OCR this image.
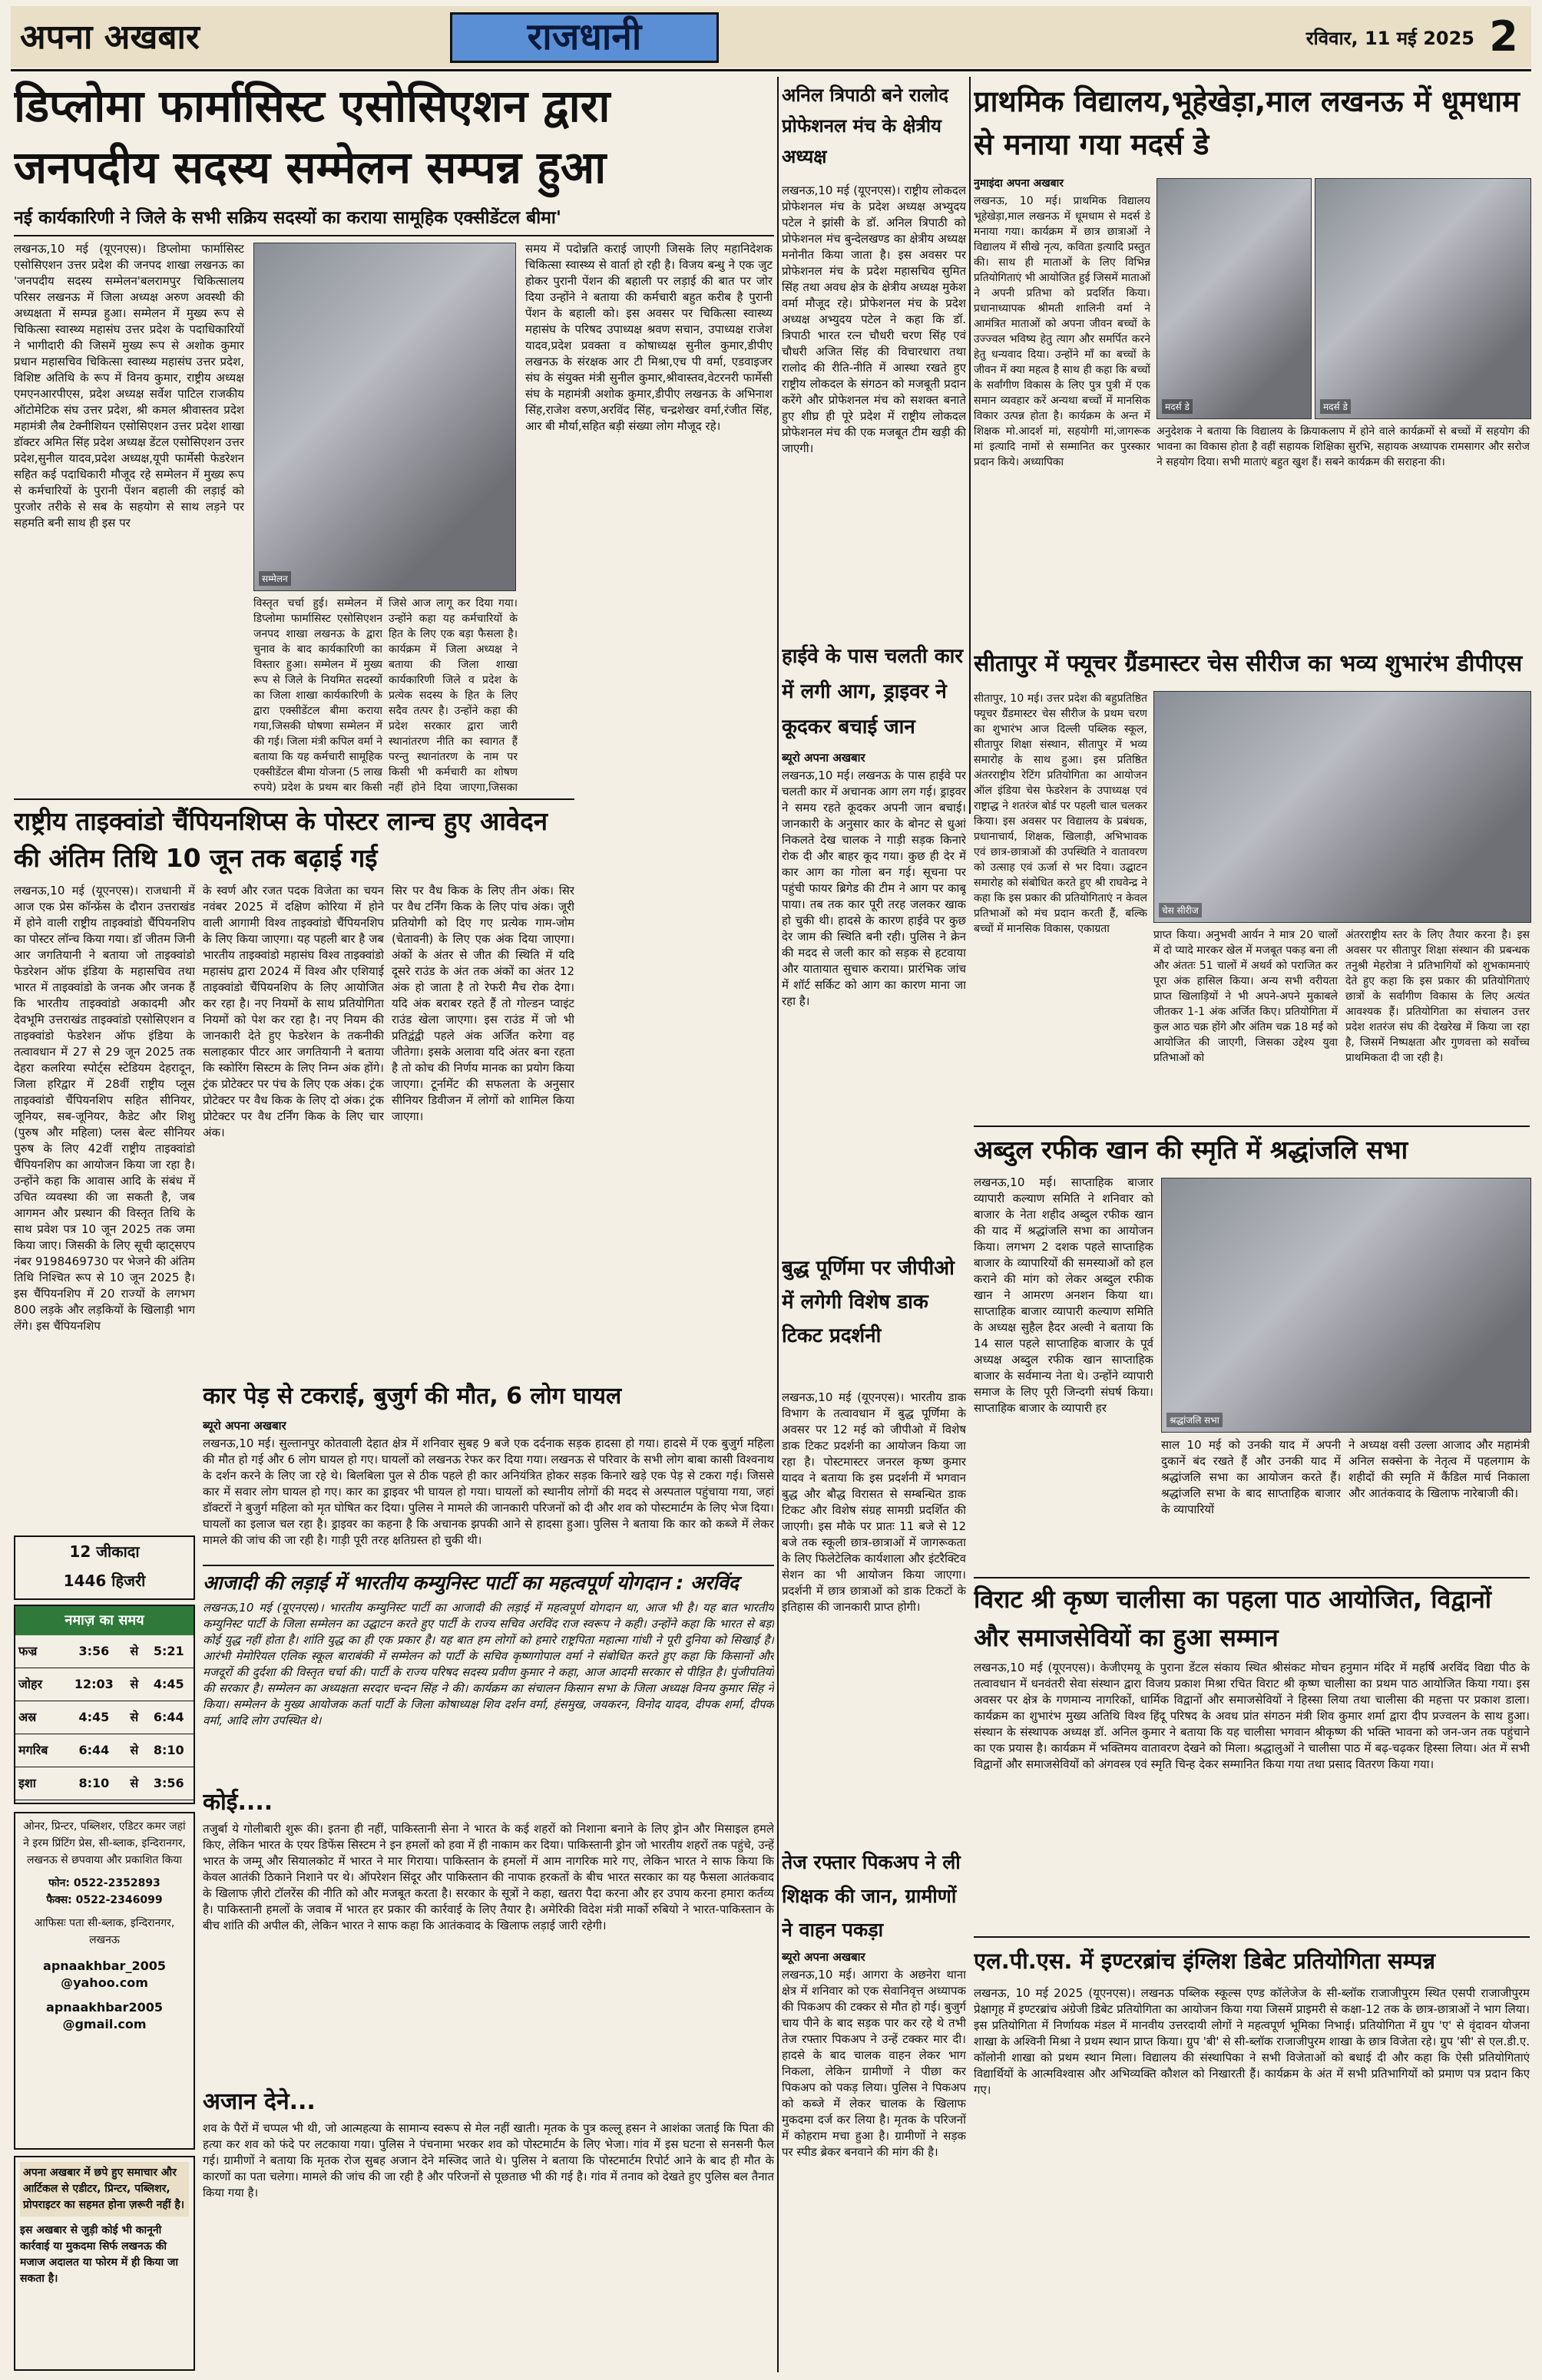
अपना अखबार	राजधानी	रविवार, 11 मई 2025 2
डिप्लोमा फार्मासिस्ट एसोसिएशन द्वारा
जनपदीय सदस्य सम्मेलन सम्पन्न हुआ
नई कार्यकारिणी ने जिले के सभी सक्रिय सदस्यों का कराया सामूहिक एक्सीडेंटल बीमा'
लखनऊ,10 मई (यूएनएस)। डिप्लोमा फार्मासिस्ट एसोसिएशन उत्तर प्रदेश की जनपद शाखा लखनऊ का 'जनपदीय सदस्य सम्मेलन'बलरामपुर चिकित्सालय परिसर लखनऊ में जिला अध्यक्ष अरुण अवस्थी की अध्यक्षता में सम्पन्न हुआ। सम्मेलन में मुख्य रूप से चिकित्सा स्वास्थ्य महासंघ उत्तर प्रदेश के पदाधिकारियों ने भागीदारी की जिसमें मुख्य रूप से अशोक कुमार प्रधान महासचिव चिकित्सा स्वास्थ्य महासंघ उत्तर प्रदेश, विशिष्ट अतिथि के रूप में विनय कुमार, राष्ट्रीय अध्यक्ष एमएनआरपीएस, प्रदेश अध्यक्ष सर्वेश पाटिल राजकीय ऑटोमेटिक संघ उत्तर प्रदेश, श्री कमल श्रीवास्तव प्रदेश महामंत्री लैब टेक्नीशियन एसोसिएशन उत्तर प्रदेश शाखा डॉक्टर अमित सिंह प्रदेश अध्यक्ष डेंटल एसोसिएशन उत्तर प्रदेश,सुनील यादव,प्रदेश अध्यक्ष,यूपी फार्मेसी फेडरेशन सहित कई पदाधिकारी मौजूद रहे सम्मेलन में मुख्य रूप से कर्मचारियों के पुरानी पेंशन बहाली की लड़ाई को पुरजोर तरीके से सब के सहयोग से साथ लड़ने पर सहमति बनी साथ ही इस पर
सम्मेलन
समय में पदोन्नति कराई जाएगी जिसके लिए महानिदेशक चिकित्सा स्वास्थ्य से वार्ता हो रही है। विजय बन्धु ने एक जुट होकर पुरानी पेंशन की बहाली पर लड़ाई की बात पर जोर दिया उन्होंने ने बताया की कर्मचारी बहुत करीब है पुरानी पेंशन के बहाली को। इस अवसर पर चिकित्सा स्वास्थ्य महासंघ के परिषद उपाध्यक्ष श्रवण सचान, उपाध्यक्ष राजेश यादव,प्रदेश प्रवक्ता व कोषाध्यक्ष सुनील कुमार,डीपीए लखनऊ के संरक्षक आर टी मिश्रा,एच पी वर्मा, एडवाइजर संघ के संयुक्त मंत्री सुनील कुमार,श्रीवास्तव,वेटरनरी फार्मेसी संघ के महामंत्री अशोक कुमार,डीपीए लखनऊ के अभिनाश सिंह,राजेश वरुण,अरविंद सिंह, चन्द्रशेखर वर्मा,रंजीत सिंह, आर बी मौर्या,सहित बड़ी संख्या लोग मौजूद रहे।
विस्तृत चर्चा हुई। सम्मेलन में डिप्लोमा फार्मासिस्ट एसोसिएशन जनपद शाखा लखनऊ के द्वारा चुनाव के बाद कार्यकारिणी का विस्तार हुआ। सम्मेलन में मुख्य रूप से जिले के नियमित सदस्यों का जिला शाखा कार्यकारिणी के द्वारा एक्सीडेंटल बीमा कराया गया,जिसकी घोषणा सम्मेलन में की गई। जिला मंत्री कपिल वर्मा ने बताया कि यह कर्मचारी सामूहिक एक्सीडेंटल बीमा योजना (5 लाख रुपये) प्रदेश के प्रथम बार किसी
जिसे आज लागू कर दिया गया।उन्होंने कहा यह कर्मचारियों के हित के लिए एक बड़ा फैसला है। कार्यक्रम में जिला अध्यक्ष ने बताया की जिला शाखा कार्यकारिणी जिले व प्रदेश के प्रत्येक सदस्य के हित के लिए सदैव तत्पर है। उन्होंने कहा की प्रदेश सरकार द्वारा जारी स्थानांतरण नीति का स्वागत हैं परन्तु स्थानांतरण के नाम पर किसी भी कर्मचारी का शोषण नहीं होने दिया जाएगा,जिसका
राष्ट्रीय ताइक्वांडो चैंपियनशिप्स के पोस्टर लान्च हुए आवेदन की अंतिम तिथि 10 जून तक बढ़ाई गई
लखनऊ,10 मई (यूएनएस)। राजधानी में आज एक प्रेस कॉन्फ्रेंस के दौरान उत्तराखंड में होने वाली राष्ट्रीय ताइक्वांडो चैंपियनशिप का पोस्टर लॉन्च किया गया। डॉ जीतम जिनी आर जगतियानी ने बताया जो ताइक्वांडो फेडरेशन ऑफ इंडिया के महासचिव तथा भारत में ताइक्वांडो के जनक और जनक हैं कि भारतीय ताइक्वांडो अकादमी और देवभूमि उत्तराखंड ताइक्वांडो एसोसिएशन व ताइक्वांडो फेडरेशन ऑफ इंडिया के तत्वावधान में 27 से 29 जून 2025 तक देहरा कलरिया स्पोर्ट्स स्टेडियम देहरादून, जिला हरिद्वार में 28वीं राष्ट्रीय प्लूस ताइक्वांडो चैंपियनशिप सहित सीनियर, जूनियर, सब-जूनियर, कैडेट और शिशु (पुरुष और महिला) प्लस बेल्ट सीनियर पुरुष के लिए 42वीं राष्ट्रीय ताइक्वांडो चैंपियनशिप का आयोजन किया जा रहा है। उन्होंने कहा कि आवास आदि के संबंध में उचित व्यवस्था की जा सकती है, जब आगमन और प्रस्थान की विस्तृत तिथि के साथ प्रवेश पत्र 10 जून 2025 तक जमा किया जाए। जिसकी के लिए सूची व्हाट्सएप नंबर 9198469730 पर भेजने की अंतिम तिथि निश्चित रूप से 10 जून 2025 है। इस चैंपियनशिप में 20 राज्यों के लगभग 800 लड़के और लड़कियों के खिलाड़ी भाग लेंगे। इस चैंपियनशिप
के स्वर्ण और रजत पदक विजेता का चयन नवंबर 2025 में दक्षिण कोरिया में होने वाली आगामी विश्व ताइक्वांडो चैंपियनशिप के लिए किया जाएगा। यह पहली बार है जब भारतीय ताइक्वांडो महासंघ विश्व ताइक्वांडो महासंघ द्वारा 2024 में विश्व और एशियाई ताइक्वांडो चैंपियनशिप के लिए आयोजित कर रहा है। नए नियमों के साथ प्रतियोगिता नियमों को पेश कर रहा है। नए नियम की जानकारी देते हुए फेडरेशन के तकनीकी सलाहकार पीटर आर जगतियानी ने बताया कि स्कोरिंग सिस्टम के लिए निम्न अंक होंगे। ट्रंक प्रोटेक्टर पर पंच के लिए एक अंक। ट्रंक प्रोटेक्टर पर वैध किक के लिए दो अंक। ट्रंक प्रोटेक्टर पर वैध टर्निंग किक के लिए चार अंक।
सिर पर वैध किक के लिए तीन अंक। सिर पर वैध टर्निंग किक के लिए पांच अंक। जूरी प्रतियोगी को दिए गए प्रत्येक गाम-जोम (चेतावनी) के लिए एक अंक दिया जाएगा। अंकों के अंतर से जीत की स्थिति में यदि दूसरे राउंड के अंत तक अंकों का अंतर 12 अंक हो जाता है तो रेफरी मैच रोक देगा। यदि अंक बराबर रहते हैं तो गोल्डन प्वाइंट राउंड खेला जाएगा। इस राउंड में जो भी प्रतिद्वंद्वी पहले अंक अर्जित करेगा वह जीतेगा। इसके अलावा यदि अंतर बना रहता है तो कोच की निर्णय मानक का प्रयोग किया जाएगा। टूर्नामेंट की सफलता के अनुसार सीनियर डिवीजन में लोगों को शामिल किया जाएगा।
कार पेड़ से टकराई, बुजुर्ग की मौत, 6 लोग घायल
ब्यूरो अपना अखबार
लखनऊ,10 मई। सुल्तानपुर कोतवाली देहात क्षेत्र में शनिवार सुबह 9 बजे एक दर्दनाक सड़क हादसा हो गया। हादसे में एक बुजुर्ग महिला की मौत हो गई और 6 लोग घायल हो गए। घायलों को लखनऊ रेफर कर दिया गया। लखनऊ से परिवार के सभी लोग बाबा कासी विश्वनाथ के दर्शन करने के लिए जा रहे थे। बिलबिला पुल से ठीक पहले ही कार अनियंत्रित होकर सड़क किनारे खड़े एक पेड़ से टकरा गई। जिससे कार में सवार लोग घायल हो गए। कार का ड्राइवर भी घायल हो गया। घायलों को स्थानीय लोगों की मदद से अस्पताल पहुंचाया गया, जहां डॉक्टरों ने बुजुर्ग महिला को मृत घोषित कर दिया। पुलिस ने मामले की जानकारी परिजनों को दी और शव को पोस्टमार्टम के लिए भेज दिया। घायलों का इलाज चल रहा है। ड्राइवर का कहना है कि अचानक झपकी आने से हादसा हुआ। पुलिस ने बताया कि कार को कब्जे में लेकर मामले की जांच की जा रही है। गाड़ी पूरी तरह क्षतिग्रस्त हो चुकी थी।
12 जीकादा
1446 हिजरी
नमाज़ का समय
फज्र	3:56	से	5:21
जोहर	12:03	से	4:45
अस्र	4:45	से	6:44
मगरिब	6:44	से	8:10
इशा	8:10	से	3:56
ओनर, प्रिन्टर, पब्लिशर, एडिटर कमर जहां ने इरम प्रिंटिंग प्रेस, सी-ब्लाक, इन्दिरानगर, लखनऊ से छपवाया और प्रकाशित किया
फोन: 0522-2352893
फैक्स: 0522-2346099
आफिसः पता सी-ब्लाक, इन्दिरानगर, लखनऊ
apnaakhbar_2005 @yahoo.com
apnaakhbar2005 @gmail.com
अपना अखबार में छपे हुए समाचार और आर्टिकल से एडीटर, प्रिन्टर, पब्लिशर, प्रोपराइटर का सहमत होना ज़रूरी नहीं है।
इस अखबार से जुड़ी कोई भी कानूनी कार्रवाई या मुकदमा सिर्फ लखनऊ की मजाज अदालत या फोरम में ही किया जा सकता है।
आजादी की लड़ाई में भारतीय कम्युनिस्ट पार्टी का महत्वपूर्ण योगदान : अरविंद
लखनऊ,10 मई (यूएनएस)। भारतीय कम्युनिस्ट पार्टी का आजादी की लड़ाई में महत्वपूर्ण योगदान था, आज भी है। यह बात भारतीय कम्युनिस्ट पार्टी के जिला सम्मेलन का उद्घाटन करते हुए पार्टी के राज्य सचिव अरविंद राज स्वरूप ने कही। उन्होंने कहा कि भारत से बड़ा कोई युद्ध नहीं होता है। शांति युद्ध का ही एक प्रकार है। यह बात हम लोगों को हमारे राष्ट्रपिता महात्मा गांधी ने पूरी दुनिया को सिखाई है। आरंभी मेमोरियल एलिक स्कूल बाराबंकी में सम्मेलन को पार्टी के सचिव कृष्णगोपाल वर्मा ने संबोधित करते हुए कहा कि किसानों और मजदूरों की दुर्दशा की विस्तृत चर्चा की। पार्टी के राज्य परिषद सदस्य प्रवीण कुमार ने कहा, आज आदमी सरकार से पीड़ित है। पुंजीपतियों की सरकार है। सम्मेलन का अध्यक्षता सरदार चन्दन सिंह ने की। कार्यक्रम का संचालन किसान सभा के जिला अध्यक्ष विनय कुमार सिंह ने किया। सम्मेलन के मुख्य आयोजक कर्ता पार्टी के जिला कोषाध्यक्ष शिव दर्शन वर्मा, हंसमुख, जयकरन, विनोद यादव, दीपक शर्मा, दीपक वर्मा, आदि लोग उपस्थित थे।
कोई....
तजुर्बा ये गोलीबारी शुरू की। इतना ही नहीं, पाकिस्तानी सेना ने भारत के कई शहरों को निशाना बनाने के लिए ड्रोन और मिसाइल हमले किए, लेकिन भारत के एयर डिफेंस सिस्टम ने इन हमलों को हवा में ही नाकाम कर दिया। पाकिस्तानी ड्रोन जो भारतीय शहरों तक पहुंचे, उन्हें भारत के जम्मू और सियालकोट में भारत ने मार गिराया। पाकिस्तान के हमलों में आम नागरिक मारे गए, लेकिन भारत ने साफ किया कि केवल आतंकी ठिकाने निशाने पर थे। ऑपरेशन सिंदूर और पाकिस्तान की नापाक हरकतों के बीच भारत सरकार का यह फैसला आतंकवाद के खिलाफ ज़ीरो टॉलरेंस की नीति को और मजबूत करता है। सरकार के सूत्रों ने कहा, खतरा पैदा करना और हर उपाय करना हमारा कर्तव्य है। पाकिस्तानी हमलों के जवाब में भारत हर प्रकार की कार्रवाई के लिए तैयार है। अमेरिकी विदेश मंत्री मार्को रुबियो ने भारत-पाकिस्तान के बीच शांति की अपील की, लेकिन भारत ने साफ कहा कि आतंकवाद के खिलाफ लड़ाई जारी रहेगी।
अजान देने...
शव के पैरों में चप्पल भी थी, जो आत्महत्या के सामान्य स्वरूप से मेल नहीं खाती। मृतक के पुत्र कल्लू हसन ने आशंका जताई कि पिता की हत्या कर शव को फंदे पर लटकाया गया। पुलिस ने पंचनामा भरकर शव को पोस्टमार्टम के लिए भेजा। गांव में इस घटना से सनसनी फैल गई। ग्रामीणों ने बताया कि मृतक रोज सुबह अजान देने मस्जिद जाते थे। पुलिस ने बताया कि पोस्टमार्टम रिपोर्ट आने के बाद ही मौत के कारणों का पता चलेगा। मामले की जांच की जा रही है और परिजनों से पूछताछ भी की गई है। गांव में तनाव को देखते हुए पुलिस बल तैनात किया गया है।
अनिल त्रिपाठी बने रालोद प्रोफेशनल मंच के क्षेत्रीय अध्यक्ष
लखनऊ,10 मई (यूएनएस)। राष्ट्रीय लोकदल प्रोफेशनल मंच के प्रदेश अध्यक्ष अभ्युदय पटेल ने झांसी के डॉ. अनिल त्रिपाठी को प्रोफेशनल मंच बुन्देलखण्ड का क्षेत्रीय अध्यक्ष मनोनीत किया जाता है। इस अवसर पर प्रोफेशनल मंच के प्रदेश महासचिव सुमित सिंह तथा अवध क्षेत्र के क्षेत्रीय अध्यक्ष मुकेश वर्मा मौजूद रहे। प्रोफेशनल मंच के प्रदेश अध्यक्ष अभ्युदय पटेल ने कहा कि डॉ. त्रिपाठी भारत रत्न चौधरी चरण सिंह एवं चौधरी अजित सिंह की विचारधारा तथा रालोद की रीति-नीति में आस्था रखते हुए राष्ट्रीय लोकदल के संगठन को मजबूती प्रदान करेंगे और प्रोफेशनल मंच को सशक्त बनाते हुए शीघ्र ही पूरे प्रदेश में राष्ट्रीय लोकदल प्रोफेशनल मंच की एक मजबूत टीम खड़ी की जाएगी।
हाईवे के पास चलती कार में लगी आग, ड्राइवर ने कूदकर बचाई जान
ब्यूरो अपना अखबार
लखनऊ,10 मई। लखनऊ के पास हाईवे पर चलती कार में अचानक आग लग गई। ड्राइवर ने समय रहते कूदकर अपनी जान बचाई। जानकारी के अनुसार कार के बोनट से धुआं निकलते देख चालक ने गाड़ी सड़क किनारे रोक दी और बाहर कूद गया। कुछ ही देर में कार आग का गोला बन गई। सूचना पर पहुंची फायर ब्रिगेड की टीम ने आग पर काबू पाया। तब तक कार पूरी तरह जलकर खाक हो चुकी थी। हादसे के कारण हाईवे पर कुछ देर जाम की स्थिति बनी रही। पुलिस ने क्रेन की मदद से जली कार को सड़क से हटवाया और यातायात सुचारु कराया। प्रारंभिक जांच में शॉर्ट सर्किट को आग का कारण माना जा रहा है।
बुद्ध पूर्णिमा पर जीपीओ में लगेगी विशेष डाक टिकट प्रदर्शनी
लखनऊ,10 मई (यूएनएस)। भारतीय डाक विभाग के तत्वावधान में बुद्ध पूर्णिमा के अवसर पर 12 मई को जीपीओ में विशेष डाक टिकट प्रदर्शनी का आयोजन किया जा रहा है। पोस्टमास्टर जनरल कृष्ण कुमार यादव ने बताया कि इस प्रदर्शनी में भगवान बुद्ध और बौद्ध विरासत से सम्बन्धित डाक टिकट और विशेष संग्रह सामग्री प्रदर्शित की जाएगी। इस मौके पर प्रातः 11 बजे से 12 बजे तक स्कूली छात्र-छात्राओं में जागरूकता के लिए फिलेटेलिक कार्यशाला और इंटरैक्टिव सेशन का भी आयोजन किया जाएगा। प्रदर्शनी में छात्र छात्राओं को डाक टिकटों के इतिहास की जानकारी प्राप्त होगी।
तेज रफ्तार पिकअप ने ली शिक्षक की जान, ग्रामीणों ने वाहन पकड़ा
ब्यूरो अपना अखबार
लखनऊ,10 मई। आगरा के अछनेरा थाना क्षेत्र में शनिवार को एक सेवानिवृत्त अध्यापक की पिकअप की टक्कर से मौत हो गई। बुजुर्ग चाय पीने के बाद सड़क पार कर रहे थे तभी तेज रफ्तार पिकअप ने उन्हें टक्कर मार दी। हादसे के बाद चालक वाहन लेकर भाग निकला, लेकिन ग्रामीणों ने पीछा कर पिकअप को पकड़ लिया। पुलिस ने पिकअप को कब्जे में लेकर चालक के खिलाफ मुकदमा दर्ज कर लिया है। मृतक के परिजनों में कोहराम मचा हुआ है। ग्रामीणों ने सड़क पर स्पीड ब्रेकर बनवाने की मांग की है।
प्राथमिक विद्यालय,भूहेखेड़ा,माल लखनऊ में धूमधाम से मनाया गया मदर्स डे
नुमाइंदा अपना अखबार
लखनऊ, 10 मई। प्राथमिक विद्यालय भूहेखेड़ा,माल लखनऊ में धूमधाम से मदर्स डे मनाया गया। कार्यक्रम में छात्र छात्राओं ने विद्यालय में सीखे नृत्य, कविता इत्यादि प्रस्तुत की। साथ ही माताओं के लिए विभिन्न प्रतियोगिताएं भी आयोजित हुई जिसमें माताओं ने अपनी प्रतिभा को प्रदर्शित किया। प्रधानाध्यापक श्रीमती शालिनी वर्मा ने आमंत्रित माताओं को अपना जीवन बच्चों के उज्ज्वल भविष्य हेतु त्याग और समर्पित करने हेतु धन्यवाद दिया। उन्होंने माँ का बच्चों के जीवन में क्या महत्व है साथ ही कहा कि बच्चों के सर्वांगीण विकास के लिए पुत्र पुत्री में एक समान व्यवहार करें अन्यथा बच्चों में मानसिक विकार उत्पन्न होता है। कार्यक्रम के अन्त में शिक्षक मो.आदर्श मां, सहयोगी मां,जागरूक मां इत्यादि नामों से सम्मानित कर पुरस्कार प्रदान किये। अध्यापिका
मदर्स डे	मदर्स डे
अनुदेशक ने बताया कि विद्यालय के क्रियाकलाप में होने वाले कार्यक्रमों से बच्चों में सहयोग की भावना का विकास होता है वहीं सहायक शिक्षिका सुरभि, सहायक अध्यापक रामसागर और सरोज ने सहयोग दिया। सभी माताएं बहुत खुश हैं। सबने कार्यक्रम की सराहना की।
सीतापुर में फ्यूचर ग्रैंडमास्टर चेस सीरीज का भव्य शुभारंभ डीपीएस
सीतापुर, 10 मई। उत्तर प्रदेश की बहुप्रतिष्ठित फ्यूचर ग्रैंडमास्टर चेस सीरीज के प्रथम चरण का शुभारंभ आज दिल्ली पब्लिक स्कूल, सीतापुर शिक्षा संस्थान, सीतापुर में भव्य समारोह के साथ हुआ। इस प्रतिष्ठित अंतरराष्ट्रीय रेटिंग प्रतियोगिता का आयोजन ऑल इंडिया चेस फेडरेशन के उपाध्यक्ष एवं राष्ट्राद्ध ने शतरंज बोर्ड पर पहली चाल चलकर किया। इस अवसर पर विद्यालय के प्रबंधक, प्रधानाचार्य, शिक्षक, खिलाड़ी, अभिभावक एवं छात्र-छात्राओं की उपस्थिति ने वातावरण को उत्साह एवं ऊर्जा से भर दिया। उद्घाटन समारोह को संबोधित करते हुए श्री राघवेन्द्र ने कहा कि इस प्रकार की प्रतियोगिताएं न केवल प्रतिभाओं को मंच प्रदान करती हैं, बल्कि बच्चों में मानसिक विकास, एकाग्रता
चेस सीरीज
प्राप्त किया। अनुभवी आर्यन ने मात्र 20 चालों में दो प्यादे मारकर खेल में मजबूत पकड़ बना ली और अंततः 51 चालों में अथर्व को पराजित कर पूरा अंक हासिल किया। अन्य सभी वरीयता प्राप्त खिलाड़ियों ने भी अपने-अपने मुकाबले जीतकर 1-1 अंक अर्जित किए। प्रतियोगिता में कुल आठ चक्र होंगे और अंतिम चक्र 18 मई को आयोजित की जाएगी, जिसका उद्देश्य युवा प्रतिभाओं को
अंतरराष्ट्रीय स्तर के लिए तैयार करना है। इस अवसर पर सीतापुर शिक्षा संस्थान की प्रबन्धक तनुश्री मेहरोत्रा ने प्रतिभागियों को शुभकामनाएं देते हुए कहा कि इस प्रकार की प्रतियोगिताएं छात्रों के सर्वांगीण विकास के लिए अत्यंत आवश्यक हैं। प्रतियोगिता का संचालन उत्तर प्रदेश शतरंज संघ की देखरेख में किया जा रहा है, जिसमें निष्पक्षता और गुणवत्ता को सर्वोच्च प्राथमिकता दी जा रही है।
अब्दुल रफीक खान की स्मृति में श्रद्धांजलि सभा
लखनऊ,10 मई। साप्ताहिक बाजार व्यापारी कल्याण समिति ने शनिवार को बाजार के नेता शहीद अब्दुल रफीक खान की याद में श्रद्धांजलि सभा का आयोजन किया। लगभग 2 दशक पहले साप्ताहिक बाजार के व्यापारियों की समस्याओं को हल कराने की मांग को लेकर अब्दुल रफीक खान ने आमरण अनशन किया था। साप्ताहिक बाजार व्यापारी कल्याण समिति के अध्यक्ष सुहैल हैदर अल्वी ने बताया कि 14 साल पहले साप्ताहिक बाजार के पूर्व अध्यक्ष अब्दुल रफीक खान साप्ताहिक बाजार के सर्वमान्य नेता थे। उन्होंने व्यापारी समाज के लिए पूरी जिन्दगी संघर्ष किया। साप्ताहिक बाजार के व्यापारी हर
श्रद्धांजलि सभा
साल 10 मई को उनकी याद में अपनी दुकानें बंद रखते हैं और उनकी याद में श्रद्धांजलि सभा का आयोजन करते हैं। श्रद्धांजलि सभा के बाद साप्ताहिक बाजार के व्यापारियों
ने अध्यक्ष वसी उल्ला आजाद और महामंत्री अनिल सक्सेना के नेतृत्व में पहलगाम के शहीदों की स्मृति में कैंडिल मार्च निकाला और आतंकवाद के खिलाफ नारेबाजी की।
विराट श्री कृष्ण चालीसा का पहला पाठ आयोजित, विद्वानों और समाजसेवियों का हुआ सम्मान
लखनऊ,10 मई (यूएनएस)। केजीएमयू के पुराना डेंटल संकाय स्थित श्रीसंकट मोचन हनुमान मंदिर में महर्षि अरविंद विद्या पीठ के तत्वावधान में धनवंतरी सेवा संस्थान द्वारा विजय प्रकाश मिश्रा रचित विराट श्री कृष्ण चालीसा का प्रथम पाठ आयोजित किया गया। इस अवसर पर क्षेत्र के गणमान्य नागरिकों, धार्मिक विद्वानों और समाजसेवियों ने हिस्सा लिया तथा चालीसा की महत्ता पर प्रकाश डाला। कार्यक्रम का शुभारंभ मुख्य अतिथि विश्व हिंदू परिषद के अवध प्रांत संगठन मंत्री शिव कुमार शर्मा द्वारा दीप प्रज्वलन के साथ हुआ। संस्थान के संस्थापक अध्यक्ष डॉ. अनिल कुमार ने बताया कि यह चालीसा भगवान श्रीकृष्ण की भक्ति भावना को जन-जन तक पहुंचाने का एक प्रयास है। कार्यक्रम में भक्तिमय वातावरण देखने को मिला। श्रद्धालुओं ने चालीसा पाठ में बढ़-चढ़कर हिस्सा लिया। अंत में सभी विद्वानों और समाजसेवियों को अंगवस्त्र एवं स्मृति चिन्ह देकर सम्मानित किया गया तथा प्रसाद वितरण किया गया।
एल.पी.एस. में इण्टरब्रांच इंग्लिश डिबेट प्रतियोगिता सम्पन्न
लखनऊ, 10 मई 2025 (यूएनएस)। लखनऊ पब्लिक स्कूल्स एण्ड कॉलेजेज के सी-ब्लॉक राजाजीपुरम स्थित एसपी राजाजीपुरम प्रेक्षागृह में इण्टरब्रांच अंग्रेजी डिबेट प्रतियोगिता का आयोजन किया गया जिसमें प्राइमरी से कक्षा-12 तक के छात्र-छात्राओं ने भाग लिया। इस प्रतियोगिता में निर्णायक मंडल में मानवीय उत्तरदायी लोगों ने महत्वपूर्ण भूमिका निभाई। प्रतियोगिता में ग्रुप 'ए' से वृंदावन योजना शाखा के अश्विनी मिश्रा ने प्रथम स्थान प्राप्त किया। ग्रुप 'बी' से सी-ब्लॉक राजाजीपुरम शाखा के छात्र विजेता रहे। ग्रुप 'सी' से एल.डी.ए. कॉलोनी शाखा को प्रथम स्थान मिला। विद्यालय की संस्थापिका ने सभी विजेताओं को बधाई दी और कहा कि ऐसी प्रतियोगिताएं विद्यार्थियों के आत्मविश्वास और अभिव्यक्ति कौशल को निखारती हैं। कार्यक्रम के अंत में सभी प्रतिभागियों को प्रमाण पत्र प्रदान किए गए।
